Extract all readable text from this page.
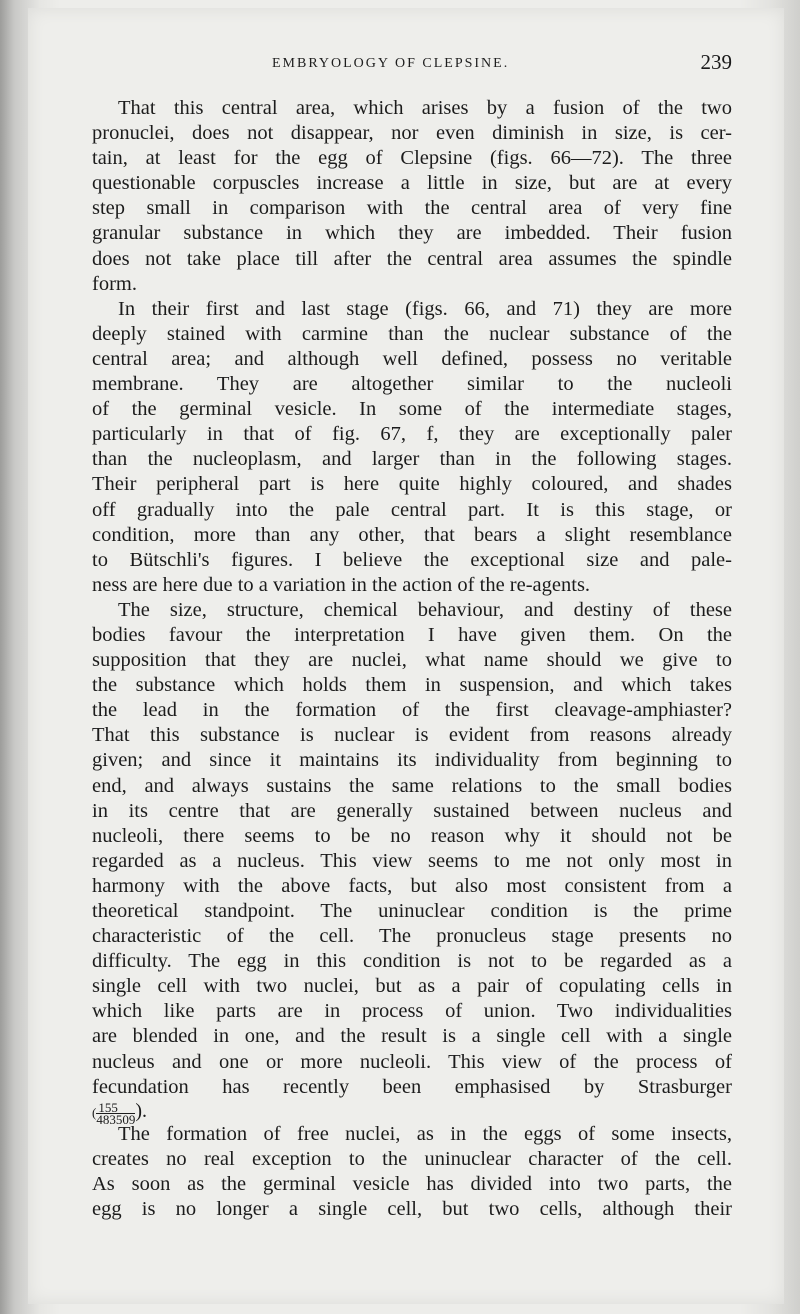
EMBRYOLOGY OF CLEPSINE.	239
That this central area, which arises by a fusion of the two
pronuclei, does not disappear, nor even diminish in size, is cer-
tain, at least for the egg of Clepsine (figs. 66—72). The three
questionable corpuscles increase a little in size, but are at every
step small in comparison with the central area of very fine
granular substance in which they are imbedded. Their fusion
does not take place till after the central area assumes the spindle
form.
In their first and last stage (figs. 66, and 71) they are more
deeply stained with carmine than the nuclear substance of the
central area; and although well defined, possess no veritable
membrane. They are altogether similar to the nucleoli
of the germinal vesicle. In some of the intermediate stages,
particularly in that of fig. 67, f, they are exceptionally paler
than the nucleoplasm, and larger than in the following stages.
Their peripheral part is here quite highly coloured, and shades
off gradually into the pale central part. It is this stage, or
condition, more than any other, that bears a slight resemblance
to Bütschli's figures. I believe the exceptional size and pale-
ness are here due to a variation in the action of the re-agents.
The size, structure, chemical behaviour, and destiny of these
bodies favour the interpretation I have given them. On the
supposition that they are nuclei, what name should we give to
the substance which holds them in suspension, and which takes
the lead in the formation of the first cleavage-amphiaster?
That this substance is nuclear is evident from reasons already
given; and since it maintains its individuality from beginning to
end, and always sustains the same relations to the small bodies
in its centre that are generally sustained between nucleus and
nucleoli, there seems to be no reason why it should not be
regarded as a nucleus. This view seems to me not only most in
harmony with the above facts, but also most consistent from a
theoretical standpoint. The uninuclear condition is the prime
characteristic of the cell. The pronucleus stage presents no
difficulty. The egg in this condition is not to be regarded as a
single cell with two nuclei, but as a pair of copulating cells in
which like parts are in process of union. Two individualities
are blended in one, and the result is a single cell with a single
nucleus and one or more nucleoli. This view of the process of
fecundation has recently been emphasised by Strasburger
( $\frac{155}{483509}$ ).
The formation of free nuclei, as in the eggs of some insects,
creates no real exception to the uninuclear character of the cell.
As soon as the germinal vesicle has divided into two parts, the
egg is no longer a single cell, but two cells, although their
